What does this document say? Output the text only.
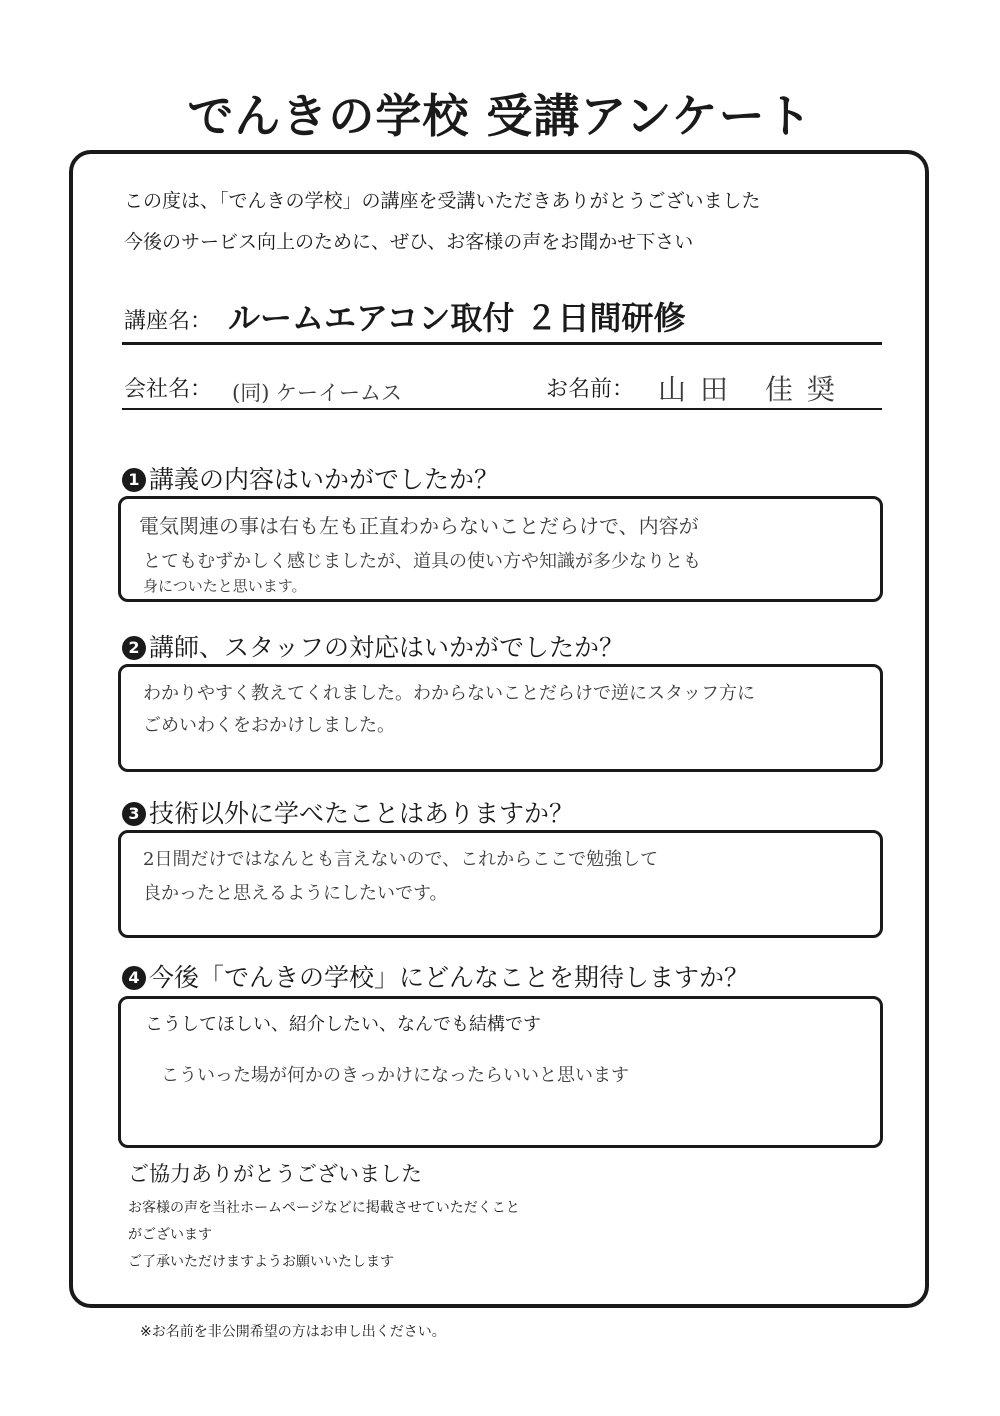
でんきの学校 受講アンケート
この度は、「でんきの学校」の講座を受講いただきありがとうございました
今後のサービス向上のために、ぜひ、お客様の声をお聞かせ下さい
講座名： ルームエアコン取付 ２日間研修
会社名： (同) ケーイームス	お名前： 山田 佳奨
1 講義の内容はいかがでしたか？
電気関連の事は右も左も正直わからないことだらけで、内容が
とてもむずかしく感じましたが、道具の使い方や知識が多少なりとも
身についたと思います。
2 講師、スタッフの対応はいかがでしたか？
わかりやすく教えてくれました。わからないことだらけで逆にスタッフ方に
ごめいわくをおかけしました。
3 技術以外に学べたことはありますか？
2日間だけではなんとも言えないので、これからここで勉強して
良かったと思えるようにしたいです。
4 今後「でんきの学校」にどんなことを期待しますか？
こうしてほしい、紹介したい、なんでも結構です
こういった場が何かのきっかけになったらいいと思います
ご協力ありがとうございました
お客様の声を当社ホームページなどに掲載させていただくこと
がございます
ご了承いただけますようお願いいたします
※お名前を非公開希望の方はお申し出ください。
